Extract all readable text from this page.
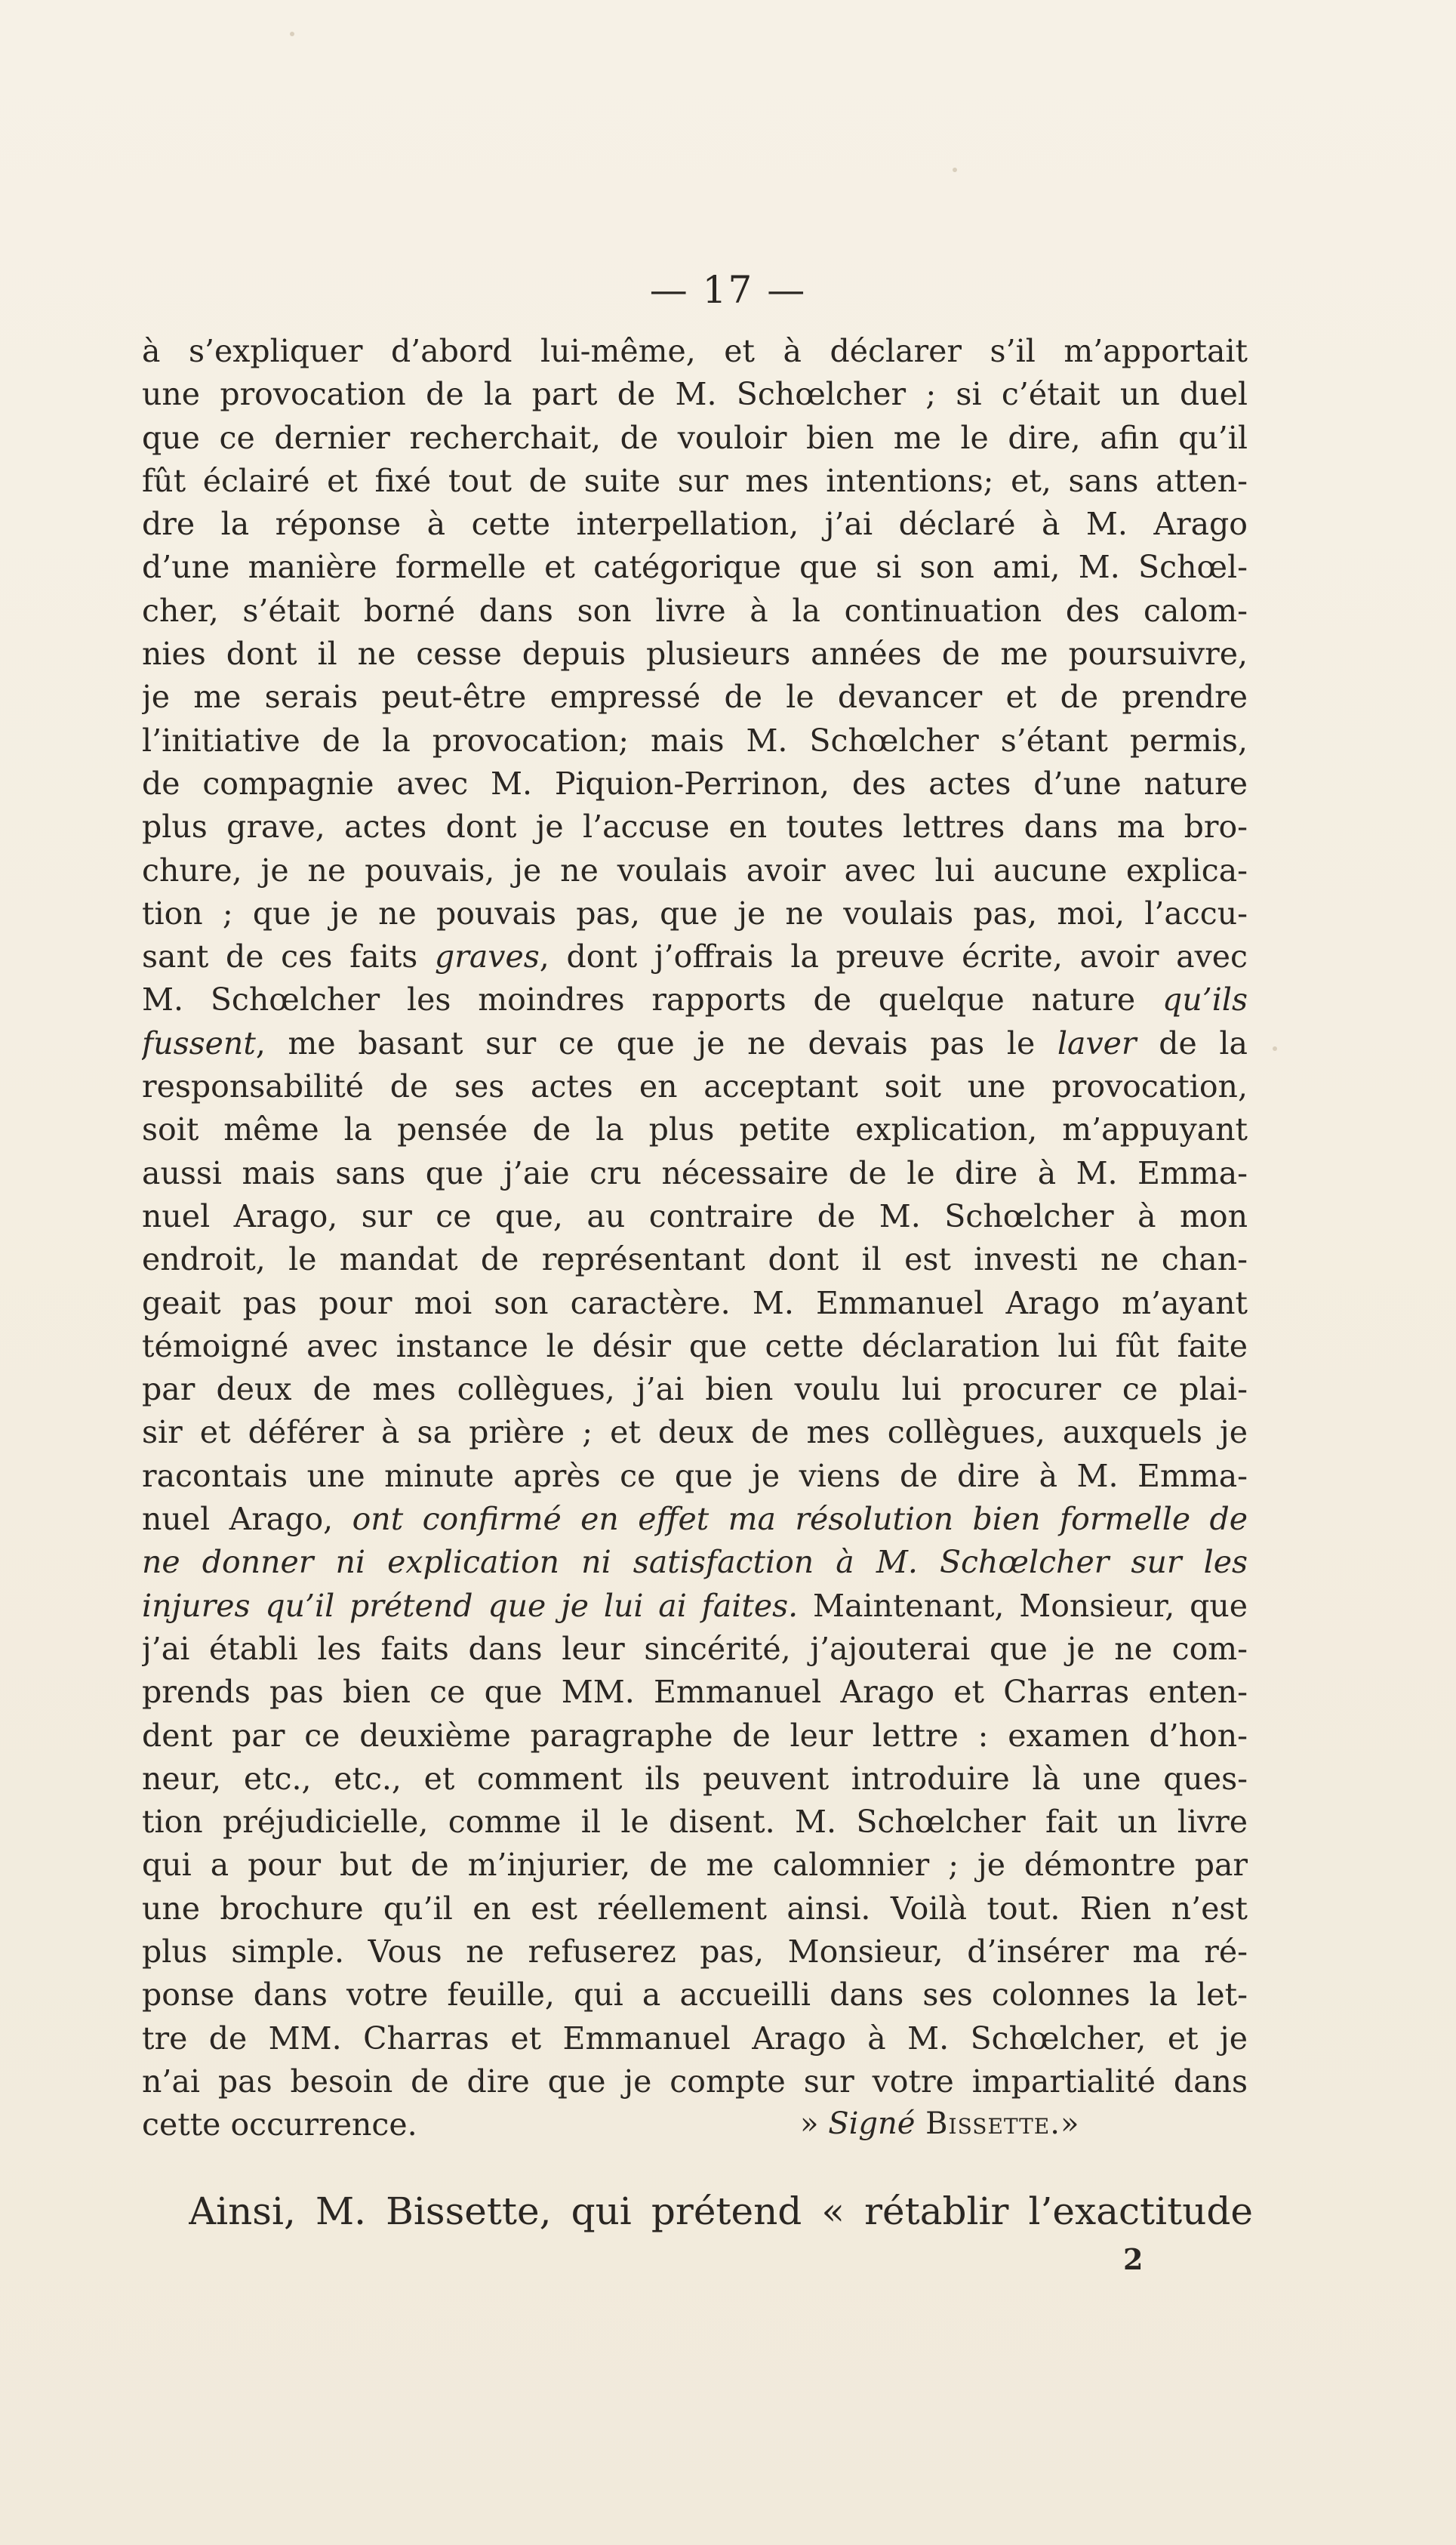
— 17 —
à s’expliquer d’abord lui-même, et à déclarer s’il m’apportait
une provocation de la part de M. Schœlcher ; si c’était un duel
que ce dernier recherchait, de vouloir bien me le dire, afin qu’il
fût éclairé et fixé tout de suite sur mes intentions; et, sans atten-
dre la réponse à cette interpellation, j’ai déclaré à M. Arago
d’une manière formelle et catégorique que si son ami, M. Schœl-
cher, s’était borné dans son livre à la continuation des calom-
nies dont il ne cesse depuis plusieurs années de me poursuivre,
je me serais peut-être empressé de le devancer et de prendre
l’initiative de la provocation; mais M. Schœlcher s’étant permis,
de compagnie avec M. Piquion-Perrinon, des actes d’une nature
plus grave, actes dont je l’accuse en toutes lettres dans ma bro-
chure, je ne pouvais, je ne voulais avoir avec lui aucune explica-
tion ; que je ne pouvais pas, que je ne voulais pas, moi, l’accu-
sant de ces faits graves, dont j’offrais la preuve écrite, avoir avec
M. Schœlcher les moindres rapports de quelque nature qu’ils
fussent, me basant sur ce que je ne devais pas le laver de la
responsabilité de ses actes en acceptant soit une provocation,
soit même la pensée de la plus petite explication, m’appuyant
aussi mais sans que j’aie cru nécessaire de le dire à M. Emma-
nuel Arago, sur ce que, au contraire de M. Schœlcher à mon
endroit, le mandat de représentant dont il est investi ne chan-
geait pas pour moi son caractère. M. Emmanuel Arago m’ayant
témoigné avec instance le désir que cette déclaration lui fût faite
par deux de mes collègues, j’ai bien voulu lui procurer ce plai-
sir et déférer à sa prière ; et deux de mes collègues, auxquels je
racontais une minute après ce que je viens de dire à M. Emma-
nuel Arago, ont confirmé en effet ma résolution bien formelle de
ne donner ni explication ni satisfaction à M. Schœlcher sur les
injures qu’il prétend que je lui ai faites. Maintenant, Monsieur, que
j’ai établi les faits dans leur sincérité, j’ajouterai que je ne com-
prends pas bien ce que MM. Emmanuel Arago et Charras enten-
dent par ce deuxième paragraphe de leur lettre : examen d’hon-
neur, etc., etc., et comment ils peuvent introduire là une ques-
tion préjudicielle, comme il le disent. M. Schœlcher fait un livre
qui a pour but de m’injurier, de me calomnier ; je démontre par
une brochure qu’il en est réellement ainsi. Voilà tout. Rien n’est
plus simple. Vous ne refuserez pas, Monsieur, d’insérer ma ré-
ponse dans votre feuille, qui a accueilli dans ses colonnes la let-
tre de MM. Charras et Emmanuel Arago à M. Schœlcher, et je
n’ai pas besoin de dire que je compte sur votre impartialité dans
cette occurrence.	» Signé Bissette.»
Ainsi, M. Bissette, qui prétend « rétablir l’exactitude
2
